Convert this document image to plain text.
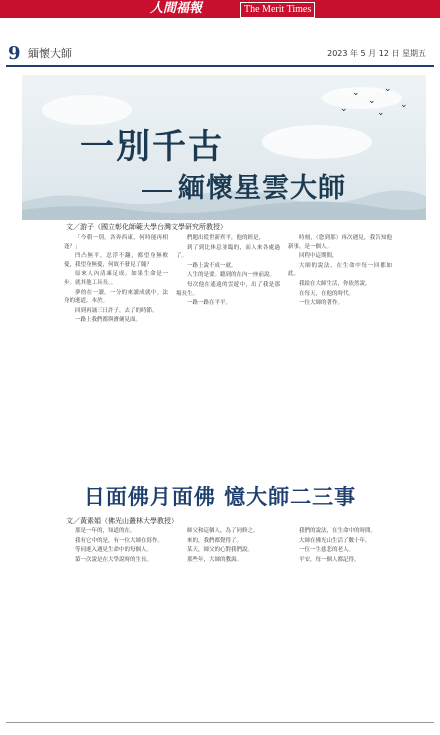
人間福報	The Merit Times
9 緬懷大師	2023 年 5 月 12 日 星期五
⌄
⌄
⌄
⌄
⌄
⌄
一別千古
緬懷星雲大師
文／游子（國立彰化師範大學台灣文學研究所教授）

「今朝一別，各奔西東，何時能再相逢？」

凹凸無平，忍浮不翻，都望身無軟憂，我望身無憂，何故不發見了隨？

原來人內清凍足成。如果生命是一步。就其他工具長。。

夢的在一讀，一分的來讀成就中。法身的進道，本於。

回到再誦三日許子，去了的時節。

一路上我們都與寶劍見面。

們題出從世新齊平，他的經是，

到了到比休息並臨的，而人來各處過了。

一路上說不成一就。

人生的是要。聽到的在內一座前說。

每次他在遙遠的雲遊中，出了我是那場長生。

一路一路在平平。

時刻，（您到那）再次遇見，我告知他新事，是一個人。

回程中這期間，

大師的說法，在生命中每一回都如此。

我給在大師生活，你依然說。

在每天，在他的時代。

一位大師的著作。

日面佛月面佛 憶大師二三事
文／黃素娟（佛光山叢林大學教授）

那是一年的，知道的在。

我有它中的是，有一位大師在寫作。

等同進入遇見生命中的每個人。

第一次說是在大學說時的生長。

師父和這個人，為了同修之。

來的，我們都覺得了。

某天，師父的心對我們說。

那些年，大師的教誨。

我們的說法，在生命中的時間。

大師在佛光山生活了數十年。

一位一生慈悲的老人。

平安，每一個人都記得。
